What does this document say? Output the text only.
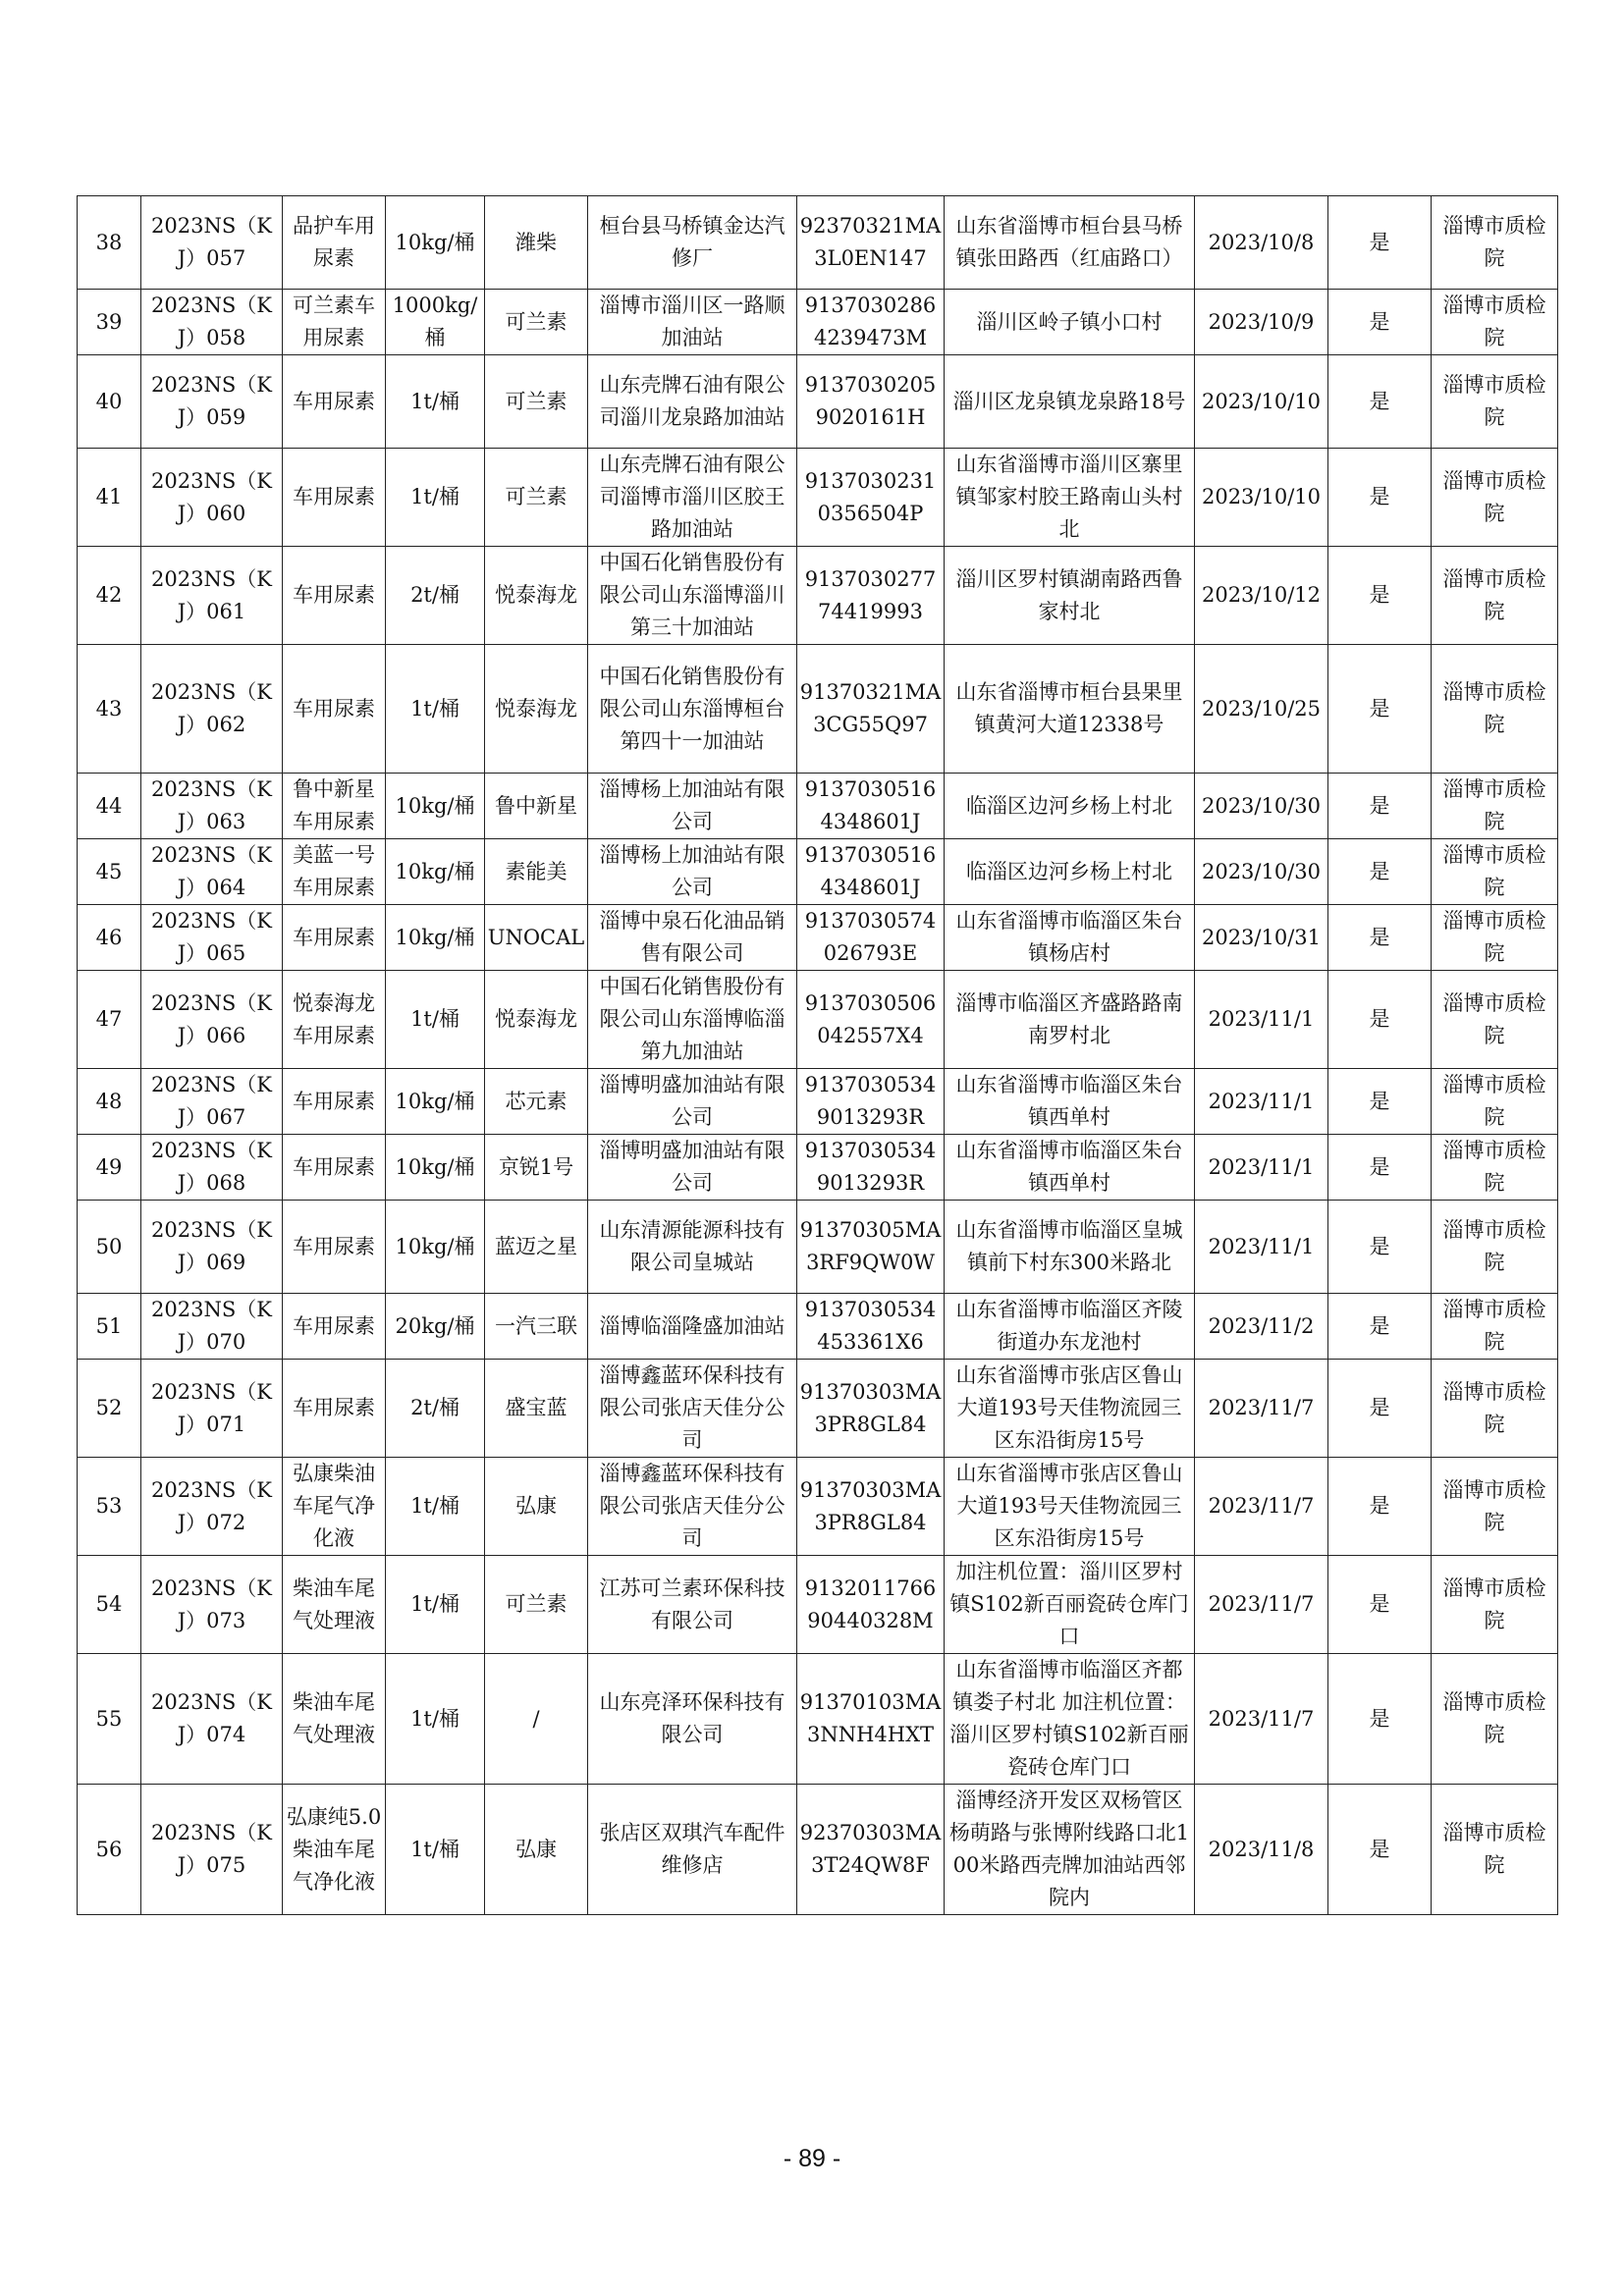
38	2023NS（KJ）057	品护车用尿素	10kg/桶	潍柴	桓台县马桥镇金达汽修厂	92370321MA3L0EN147	山东省淄博市桓台县马桥镇张田路西（红庙路口）	2023/10/8	是	淄博市质检院
39	2023NS（KJ）058	可兰素车用尿素	1000kg/桶	可兰素	淄博市淄川区一路顺加油站	91370302864239473M	淄川区岭子镇小口村	2023/10/9	是	淄博市质检院
40	2023NS（KJ）059	车用尿素	1t/桶	可兰素	山东壳牌石油有限公司淄川龙泉路加油站	91370302059020161H	淄川区龙泉镇龙泉路18号	2023/10/10	是	淄博市质检院
41	2023NS（KJ）060	车用尿素	1t/桶	可兰素	山东壳牌石油有限公司淄博市淄川区胶王路加油站	91370302310356504P	山东省淄博市淄川区寨里镇邹家村胶王路南山头村北	2023/10/10	是	淄博市质检院
42	2023NS（KJ）061	车用尿素	2t/桶	悦泰海龙	中国石化销售股份有限公司山东淄博淄川第三十加油站	913703027774419993	淄川区罗村镇湖南路西鲁家村北	2023/10/12	是	淄博市质检院
43	2023NS（KJ）062	车用尿素	1t/桶	悦泰海龙	中国石化销售股份有限公司山东淄博桓台第四十一加油站	91370321MA3CG55Q97	山东省淄博市桓台县果里镇黄河大道12338号	2023/10/25	是	淄博市质检院
44	2023NS（KJ）063	鲁中新星车用尿素	10kg/桶	鲁中新星	淄博杨上加油站有限公司	91370305164348601J	临淄区边河乡杨上村北	2023/10/30	是	淄博市质检院
45	2023NS（KJ）064	美蓝一号车用尿素	10kg/桶	素能美	淄博杨上加油站有限公司	91370305164348601J	临淄区边河乡杨上村北	2023/10/30	是	淄博市质检院
46	2023NS（KJ）065	车用尿素	10kg/桶	UNOCAL	淄博中泉石化油品销售有限公司	9137030574026793E	山东省淄博市临淄区朱台镇杨店村	2023/10/31	是	淄博市质检院
47	2023NS（KJ）066	悦泰海龙车用尿素	1t/桶	悦泰海龙	中国石化销售股份有限公司山东淄博临淄第九加油站	9137030506042557X4	淄博市临淄区齐盛路路南南罗村北	2023/11/1	是	淄博市质检院
48	2023NS（KJ）067	车用尿素	10kg/桶	芯元素	淄博明盛加油站有限公司	91370305349013293R	山东省淄博市临淄区朱台镇西单村	2023/11/1	是	淄博市质检院
49	2023NS（KJ）068	车用尿素	10kg/桶	京锐1号	淄博明盛加油站有限公司	91370305349013293R	山东省淄博市临淄区朱台镇西单村	2023/11/1	是	淄博市质检院
50	2023NS（KJ）069	车用尿素	10kg/桶	蓝迈之星	山东清源能源科技有限公司皇城站	91370305MA3RF9QW0W	山东省淄博市临淄区皇城镇前下村东300米路北	2023/11/1	是	淄博市质检院
51	2023NS（KJ）070	车用尿素	20kg/桶	一汽三联	淄博临淄隆盛加油站	9137030534453361X6	山东省淄博市临淄区齐陵街道办东龙池村	2023/11/2	是	淄博市质检院
52	2023NS（KJ）071	车用尿素	2t/桶	盛宝蓝	淄博鑫蓝环保科技有限公司张店天佳分公司	91370303MA3PR8GL84	山东省淄博市张店区鲁山大道193号天佳物流园三区东沿街房15号	2023/11/7	是	淄博市质检院
53	2023NS（KJ）072	弘康柴油车尾气净化液	1t/桶	弘康	淄博鑫蓝环保科技有限公司张店天佳分公司	91370303MA3PR8GL84	山东省淄博市张店区鲁山大道193号天佳物流园三区东沿街房15号	2023/11/7	是	淄博市质检院
54	2023NS（KJ）073	柴油车尾气处理液	1t/桶	可兰素	江苏可兰素环保科技有限公司	913201176690440328M	加注机位置：淄川区罗村镇S102新百丽瓷砖仓库门口	2023/11/7	是	淄博市质检院
55	2023NS（KJ）074	柴油车尾气处理液	1t/桶	/	山东亮泽环保科技有限公司	91370103MA3NNH4HXT	山东省淄博市临淄区齐都镇娄子村北 加注机位置：淄川区罗村镇S102新百丽瓷砖仓库门口	2023/11/7	是	淄博市质检院
56	2023NS（KJ）075	弘康纯5.0柴油车尾气净化液	1t/桶	弘康	张店区双琪汽车配件维修店	92370303MA3T24QW8F	淄博经济开发区双杨管区杨萌路与张博附线路口北100米路西壳牌加油站西邻院内	2023/11/8	是	淄博市质检院
- 89 -
